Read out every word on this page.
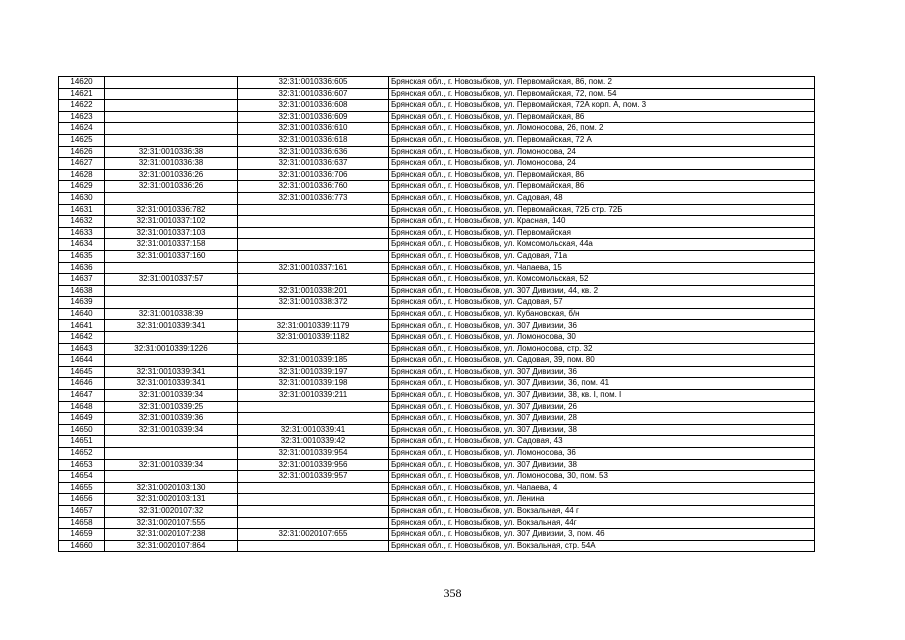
14620		32:31:0010336:605	Брянская обл., г. Новозыбков, ул. Первомайская, 86, пом. 2
14621		32:31:0010336:607	Брянская обл., г. Новозыбков, ул. Первомайская, 72, пом. 54
14622		32:31:0010336:608	Брянская обл., г. Новозыбков, ул. Первомайская, 72А корп. А, пом. 3
14623		32:31:0010336:609	Брянская обл., г. Новозыбков, ул. Первомайская, 86
14624		32:31:0010336:610	Брянская обл., г. Новозыбков, ул. Ломоносова, 26, пом. 2
14625		32:31:0010336:618	Брянская обл., г. Новозыбков, ул. Первомайская, 72 А
14626	32:31:0010336:38	32:31:0010336:636	Брянская обл., г. Новозыбков, ул. Ломоносова, 24
14627	32:31:0010336:38	32:31:0010336:637	Брянская обл., г. Новозыбков, ул. Ломоносова, 24
14628	32:31:0010336:26	32:31:0010336:706	Брянская обл., г. Новозыбков, ул. Первомайская, 86
14629	32:31:0010336:26	32:31:0010336:760	Брянская обл., г. Новозыбков, ул. Первомайская, 86
14630		32:31:0010336:773	Брянская обл., г. Новозыбков, ул. Садовая, 48
14631	32:31:0010336:782		Брянская обл., г. Новозыбков, ул. Первомайская, 72Б стр. 72Б
14632	32:31:0010337:102		Брянская обл., г. Новозыбков, ул. Красная, 140
14633	32:31:0010337:103		Брянская обл., г. Новозыбков, ул. Первомайская
14634	32:31:0010337:158		Брянская обл., г. Новозыбков, ул. Комсомольская, 44а
14635	32:31:0010337:160		Брянская обл., г. Новозыбков, ул. Садовая, 71а
14636		32:31:0010337:161	Брянская обл., г. Новозыбков, ул. Чапаева, 15
14637	32:31:0010337:57		Брянская обл., г. Новозыбков, ул. Комсомольская, 52
14638		32:31:0010338:201	Брянская обл., г. Новозыбков, ул. 307 Дивизии, 44, кв. 2
14639		32:31:0010338:372	Брянская обл., г. Новозыбков, ул. Садовая, 57
14640	32:31:0010338:39		Брянская обл., г. Новозыбков, ул. Кубановская, б/н
14641	32:31:0010339:341	32:31:0010339:1179	Брянская обл., г. Новозыбков, ул. 307 Дивизии, 36
14642		32:31:0010339:1182	Брянская обл., г. Новозыбков, ул. Ломоносова, 30
14643	32:31:0010339:1226		Брянская обл., г. Новозыбков, ул. Ломоносова, стр. 32
14644		32:31:0010339:185	Брянская обл., г. Новозыбков, ул. Садовая, 39, пом. 80
14645	32:31:0010339:341	32:31:0010339:197	Брянская обл., г. Новозыбков, ул. 307 Дивизии, 36
14646	32:31:0010339:341	32:31:0010339:198	Брянская обл., г. Новозыбков, ул. 307 Дивизии, 36, пом. 41
14647	32:31:0010339:34	32:31:0010339:211	Брянская обл., г. Новозыбков, ул. 307 Дивизии, 38, кв. I, пом. I
14648	32:31:0010339:25		Брянская обл., г. Новозыбков, ул. 307 Дивизии, 26
14649	32:31:0010339:36		Брянская обл., г. Новозыбков, ул. 307 Дивизии, 28
14650	32:31:0010339:34	32:31:0010339:41	Брянская обл., г. Новозыбков, ул. 307 Дивизии, 38
14651		32:31:0010339:42	Брянская обл., г. Новозыбков, ул. Садовая, 43
14652		32:31:0010339:954	Брянская обл., г. Новозыбков, ул. Ломоносова, 36
14653	32:31:0010339:34	32:31:0010339:956	Брянская обл., г. Новозыбков, ул. 307 Дивизии, 38
14654		32:31:0010339:957	Брянская обл., г. Новозыбков, ул. Ломоносова, 30, пом. 53
14655	32:31:0020103:130		Брянская обл., г. Новозыбков, ул. Чапаева, 4
14656	32:31:0020103:131		Брянская обл., г. Новозыбков, ул. Ленина
14657	32:31:0020107:32		Брянская обл., г. Новозыбков, ул. Вокзальная, 44 г
14658	32:31:0020107:555		Брянская обл., г. Новозыбков, ул. Вокзальная, 44г
14659	32:31:0020107:238	32:31:0020107:655	Брянская обл., г. Новозыбков, ул. 307 Дивизии, 3, пом. 46
14660	32:31:0020107:864		Брянская обл., г. Новозыбков, ул. Вокзальная, стр. 54А
358
